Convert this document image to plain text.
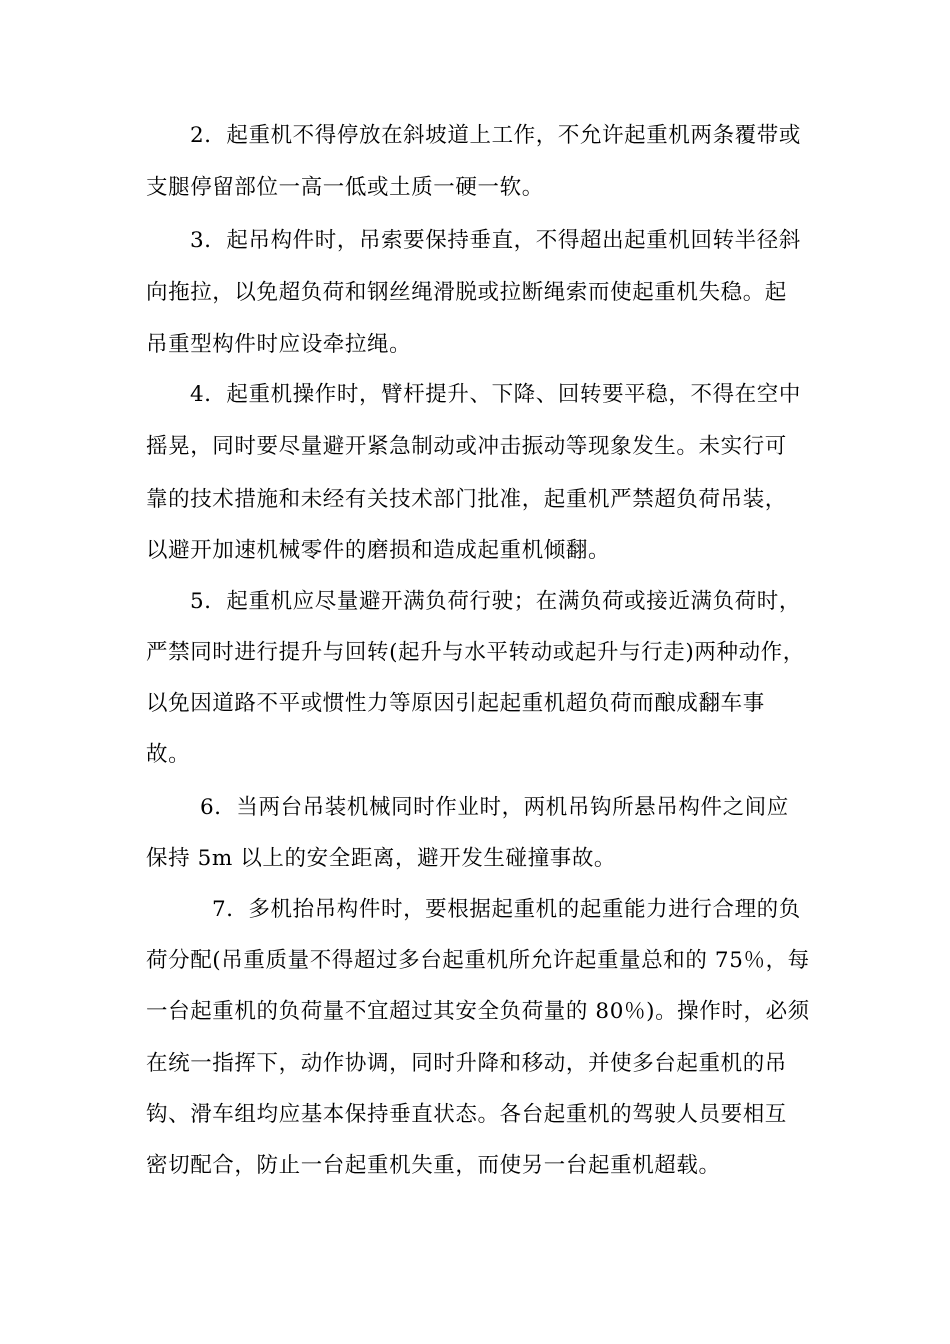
2．起重机不得停放在斜坡道上工作，不允许起重机两条覆带或
支腿停留部位一高一低或土质一硬一软。
3．起吊构件时，吊索要保持垂直，不得超出起重机回转半径斜
向拖拉，以免超负荷和钢丝绳滑脱或拉断绳索而使起重机失稳。起
吊重型构件时应设牵拉绳。
4．起重机操作时，臂杆提升、下降、回转要平稳，不得在空中
摇晃，同时要尽量避开紧急制动或冲击振动等现象发生。未实行可
靠的技术措施和未经有关技术部门批准，起重机严禁超负荷吊装，
以避开加速机械零件的磨损和造成起重机倾翻。
5．起重机应尽量避开满负荷行驶；在满负荷或接近满负荷时，
严禁同时进行提升与回转(起升与水平转动或起升与行走)两种动作，
以免因道路不平或惯性力等原因引起起重机超负荷而酿成翻车事
故。
6．当两台吊装机械同时作业时，两机吊钩所悬吊构件之间应
保持 5m 以上的安全距离，避开发生碰撞事故。
7．多机抬吊构件时，要根据起重机的起重能力进行合理的负
荷分配(吊重质量不得超过多台起重机所允许起重量总和的 75％，每
一台起重机的负荷量不宜超过其安全负荷量的 80％)。操作时，必须
在统一指挥下，动作协调，同时升降和移动，并使多台起重机的吊
钩、滑车组均应基本保持垂直状态。各台起重机的驾驶人员要相互
密切配合，防止一台起重机失重，而使另一台起重机超载。
